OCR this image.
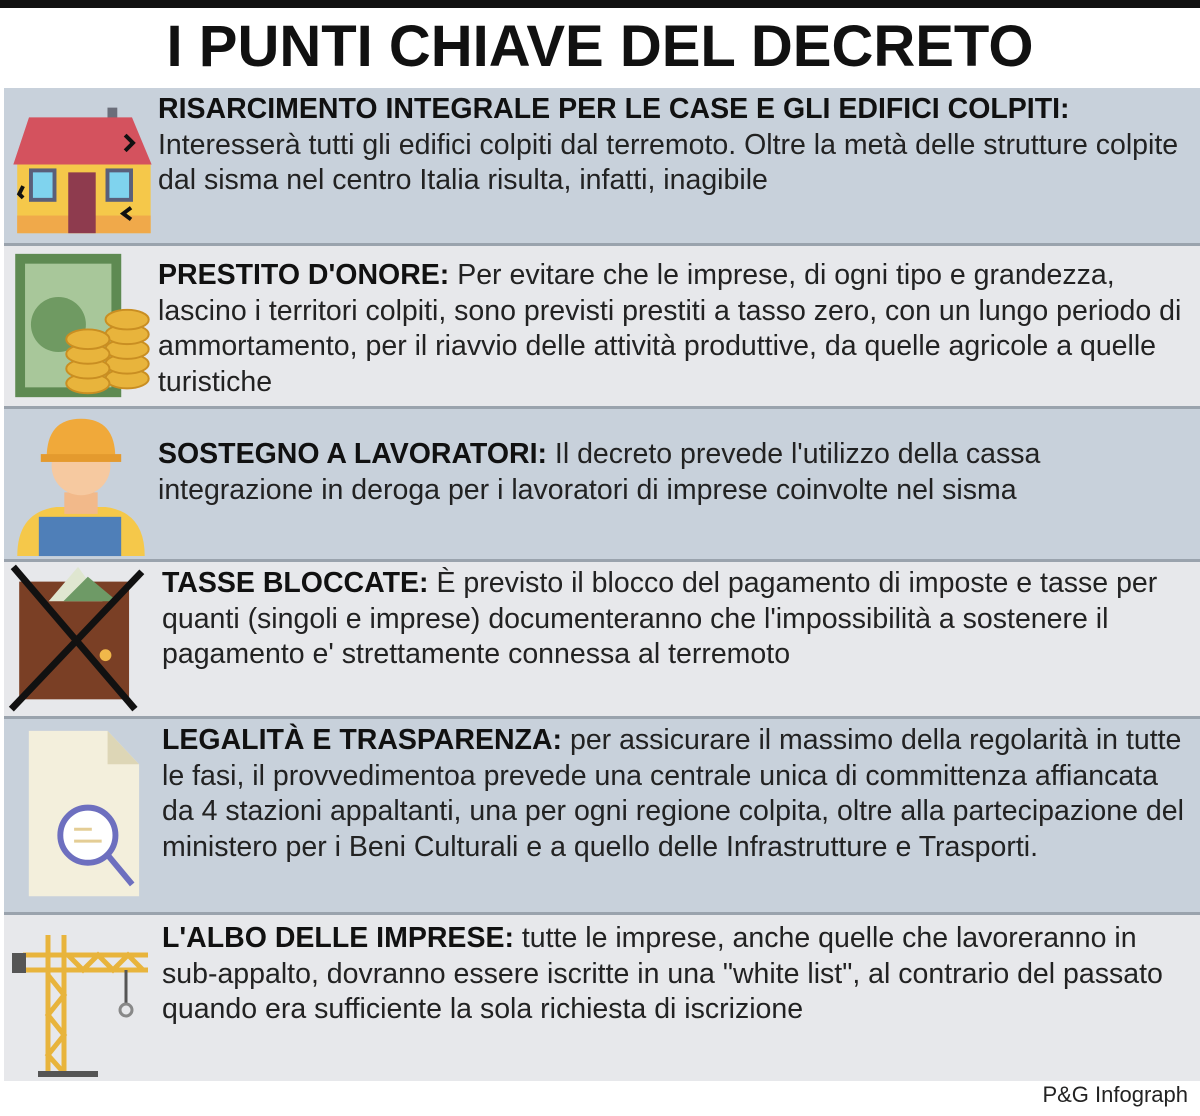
I PUNTI CHIAVE DEL DECRETO
RISARCIMENTO INTEGRALE PER LE CASE E GLI EDIFICI COLPITI: Interesserà tutti gli edifici colpiti dal terremoto. Oltre la metà delle strutture colpite dal sisma nel centro Italia risulta, infatti, inagibile
PRESTITO D'ONORE: Per evitare che le imprese, di ogni tipo e grandezza, lascino i territori colpiti, sono previsti prestiti a tasso zero, con un lungo periodo di ammortamento, per il riavvio delle attività produttive, da quelle agricole a quelle turistiche
SOSTEGNO A LAVORATORI: Il decreto prevede l'utilizzo della cassa integrazione in deroga per i lavoratori di imprese coinvolte nel sisma
TASSE BLOCCATE: È previsto il blocco del pagamento di imposte e tasse per quanti (singoli e imprese) documenteranno che l'impossibilità a sostenere il pagamento e' strettamente connessa al terremoto
LEGALITÀ E TRASPARENZA: per assicurare il massimo della regolarità in tutte le fasi, il provvedimentoa prevede una centrale unica di committenza affiancata da 4 stazioni appaltanti, una per ogni regione colpita, oltre alla partecipazione del ministero per i Beni Culturali e a quello delle Infrastrutture e Trasporti.
L'ALBO DELLE IMPRESE: tutte le imprese, anche quelle che lavoreranno in sub-appalto, dovranno essere iscritte in una "white list", al contrario del passato quando era sufficiente la sola richiesta di iscrizione
P&G Infograph
